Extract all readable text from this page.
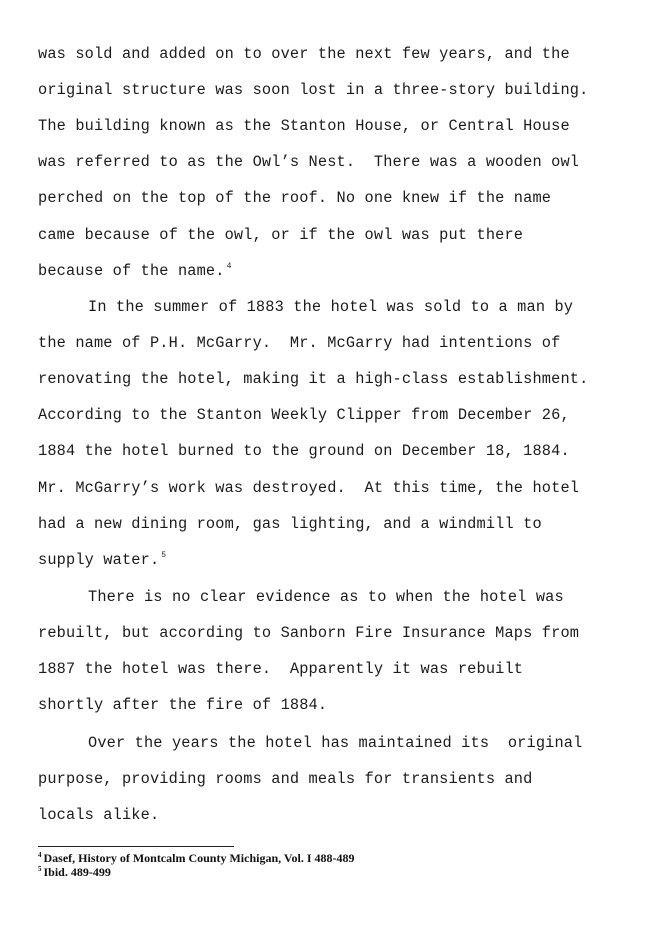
was sold and added on to over the next few years, and the
original structure was soon lost in a three-story building.
The building known as the Stanton House, or Central House
was referred to as the Owl’s Nest.  There was a wooden owl
perched on the top of the roof. No one knew if the name
came because of the owl, or if the owl was put there
because of the name. $^4$
In the summer of 1883 the hotel was sold to a man by
the name of P.H. McGarry.  Mr. McGarry had intentions of
renovating the hotel, making it a high-class establishment.
According to the Stanton Weekly Clipper from December 26,
1884 the hotel burned to the ground on December 18, 1884.
Mr. McGarry’s work was destroyed.  At this time, the hotel
had a new dining room, gas lighting, and a windmill to
supply water. $^5$
There is no clear evidence as to when the hotel was
rebuilt, but according to Sanborn Fire Insurance Maps from
1887 the hotel was there.  Apparently it was rebuilt
shortly after the fire of 1884.
Over the years the hotel has maintained its  original
purpose, providing rooms and meals for transients and
locals alike.
$^4$ Dasef, History of Montcalm County Michigan, Vol. I 488-489
$^5$ Ibid. 489-499
